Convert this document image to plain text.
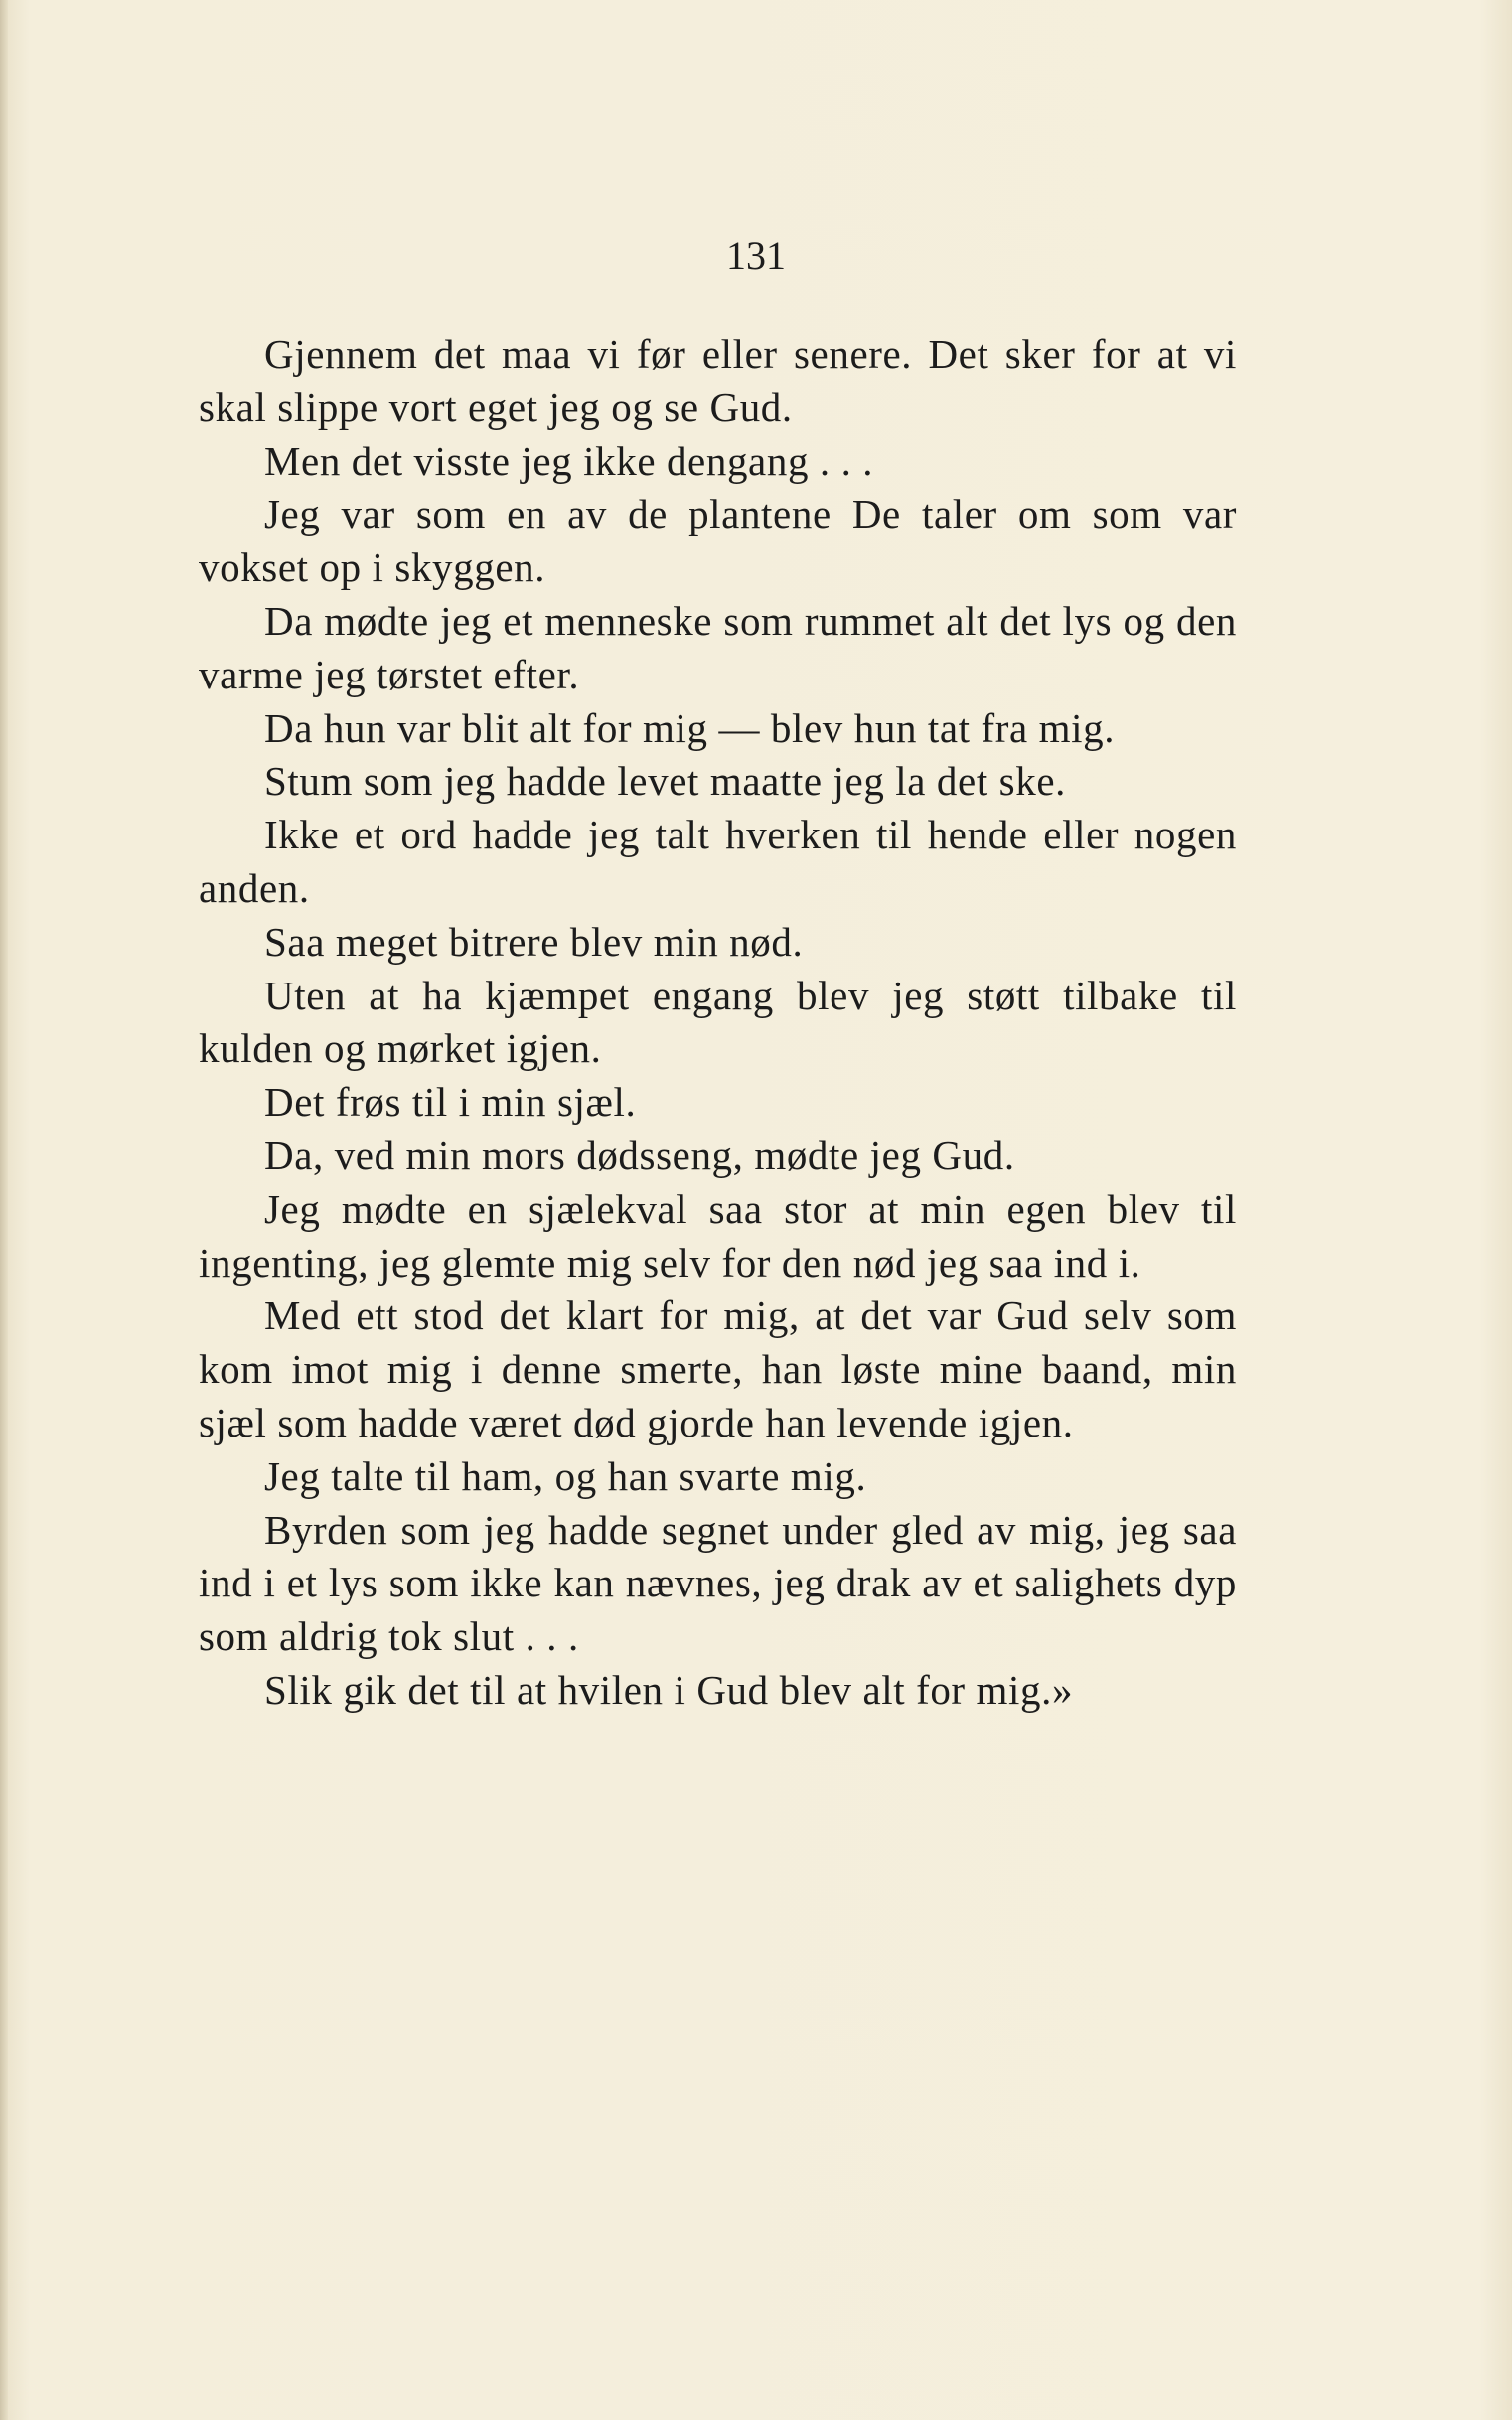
131

Gjennem det maa vi før eller senere. Det sker for at vi skal slippe vort eget jeg og se Gud.

Men det visste jeg ikke dengang . . .

Jeg var som en av de plantene De taler om som var vokset op i skyggen.

Da mødte jeg et menneske som rummet alt det lys og den varme jeg tørstet efter.

Da hun var blit alt for mig — blev hun tat fra mig.

Stum som jeg hadde levet maatte jeg la det ske.

Ikke et ord hadde jeg talt hverken til hende eller nogen anden.

Saa meget bitrere blev min nød.

Uten at ha kjæmpet engang blev jeg støtt tilbake til kulden og mørket igjen.

Det frøs til i min sjæl.

Da, ved min mors dødsseng, mødte jeg Gud.

Jeg mødte en sjælekval saa stor at min egen blev til ingenting, jeg glemte mig selv for den nød jeg saa ind i.

Med ett stod det klart for mig, at det var Gud selv som kom imot mig i denne smerte, han løste mine baand, min sjæl som hadde været død gjorde han levende igjen.

Jeg talte til ham, og han svarte mig.

Byrden som jeg hadde segnet under gled av mig, jeg saa ind i et lys som ikke kan nævnes, jeg drak av et salighets dyp som aldrig tok slut . . .

Slik gik det til at hvilen i Gud blev alt for mig.»
